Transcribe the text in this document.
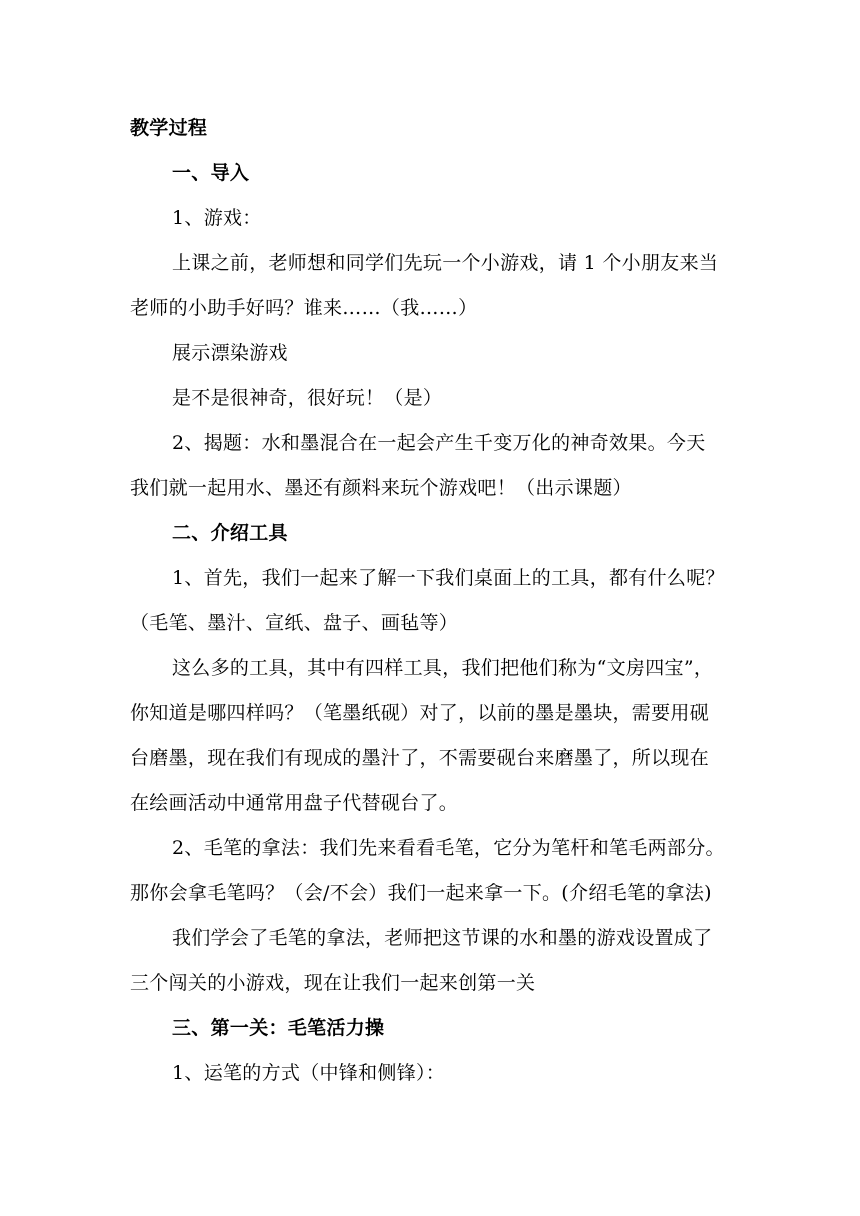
教学过程
一、导入
1、游戏：
上课之前，老师想和同学们先玩一个小游戏，请 1 个小朋友来当
老师的小助手好吗？谁来……（我……）
展示漂染游戏
是不是很神奇，很好玩！（是）
2、揭题：水和墨混合在一起会产生千变万化的神奇效果。今天
我们就一起用水、墨还有颜料来玩个游戏吧！（出示课题）
二、介绍工具
1、首先，我们一起来了解一下我们桌面上的工具，都有什么呢？
（毛笔、墨汁、宣纸、盘子、画毡等）
这么多的工具，其中有四样工具，我们把他们称为“文房四宝”，
你知道是哪四样吗？（笔墨纸砚）对了，以前的墨是墨块，需要用砚
台磨墨，现在我们有现成的墨汁了，不需要砚台来磨墨了，所以现在
在绘画活动中通常用盘子代替砚台了。
2、毛笔的拿法：我们先来看看毛笔，它分为笔杆和笔毛两部分。
那你会拿毛笔吗？（会/不会）我们一起来拿一下。(介绍毛笔的拿法)
我们学会了毛笔的拿法，老师把这节课的水和墨的游戏设置成了
三个闯关的小游戏，现在让我们一起来创第一关
三、第一关：毛笔活力操
1、运笔的方式（中锋和侧锋）：
